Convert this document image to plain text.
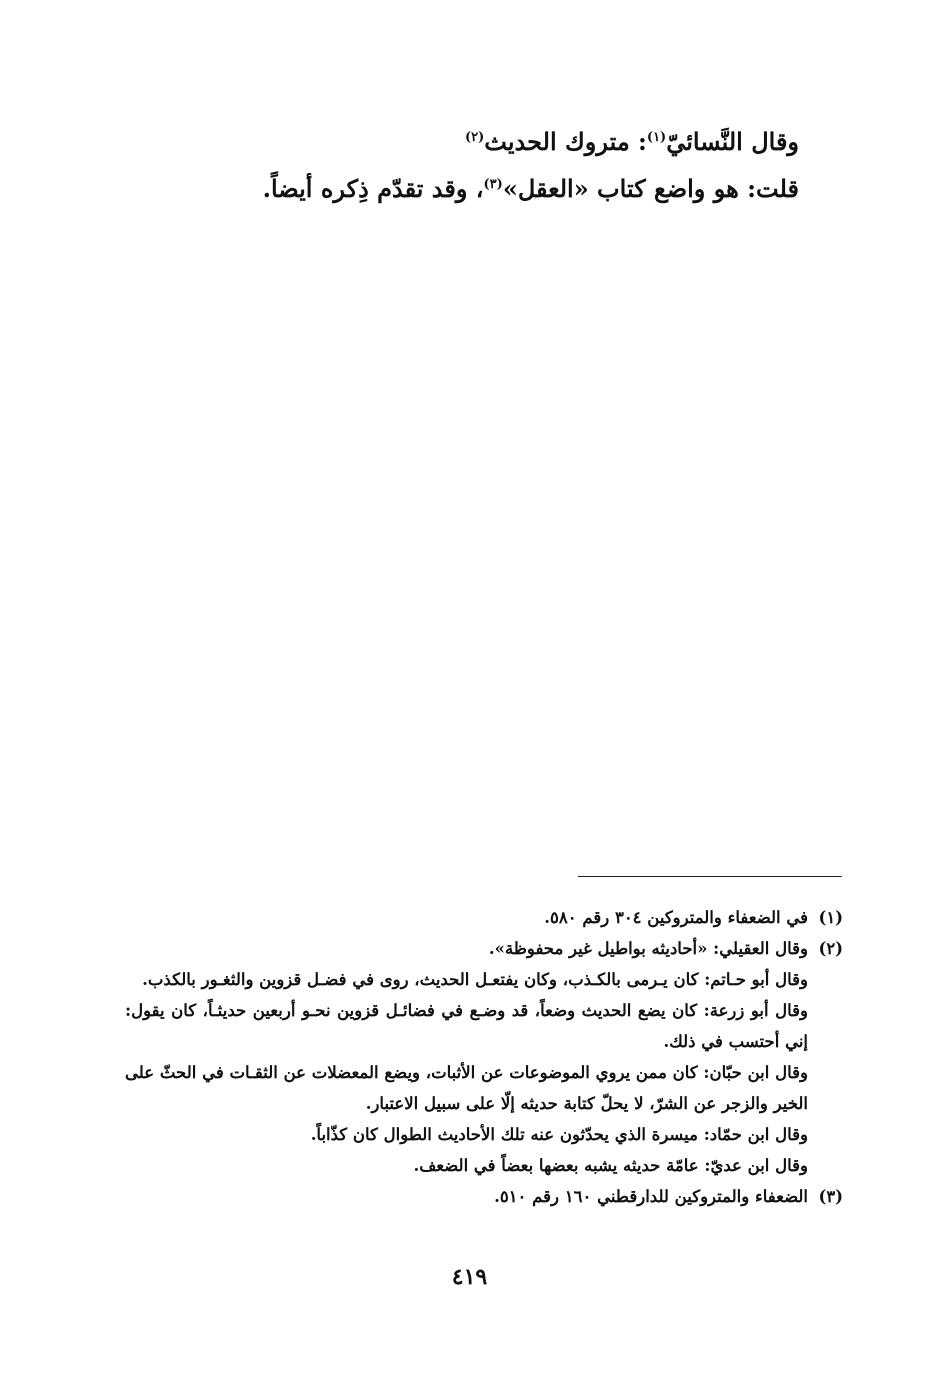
وقال النَّسائيّ$^{(١)}$: متروك الحديث$^{(٢)}$
قلت: هو واضع كتاب «العقل»$^{(٣)}$، وقد تقدّم ذِكره أيضاً.
(١)
في الضعفاء والمتروكين ٣٠٤ رقم ٥٨٠.
(٢)
وقال العقيلي: «أحاديثه بواطيل غير محفوظة».
وقال أبو حـاتم: كان يـرمى بالكـذب، وكان يفتعـل الحديث، روى في فضـل قزوين والثغـور بالكذب.
وقال أبو زرعة: كان يضع الحديث وضعاً، قد وضـع في فضائـل قزوين نحـو أربعين حديثـاً، كان يقول: إني أحتسب في ذلك.
وقال ابن حبّان: كان ممن يروي الموضوعات عن الأثبات، ويضع المعضلات عن الثقـات في الحثّ على الخير والزجر عن الشرّ، لا يحلّ كتابة حديثه إلّا على سبيل الاعتبار.
وقال ابن حمّاد: ميسرة الذي يحدّثون عنه تلك الأحاديث الطوال كان كذّاباً.
وقال ابن عديّ: عامّة حديثه يشبه بعضها بعضاً في الضعف.
(٣)
الضعفاء والمتروكين للدارقطني ١٦٠ رقم ٥١٠.
٤١٩
